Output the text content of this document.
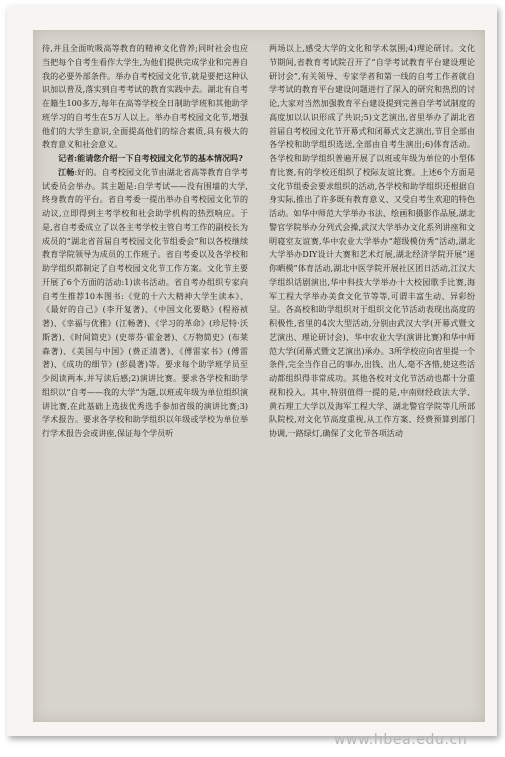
待,并且全面吮吸高等教育的精神文化营养;同时社会也应当把每个自考生看作大学生,为他们提供完成学业和完善自我的必要外部条件。举办自考校园文化节,就是要把这种认识加以普及,落实到自考考试的教育实践中去。湖北有自考在籍生100多万,每年在高等学校全日制助学班和其他助学班学习的自考生在5万人以上。举办自考校园文化节,增强他们的大学生意识,全面提高他们的综合素质,具有极大的教育意义和社会意义。

记者:能请您介绍一下自考校园文化节的基本情况吗?

江畅:好的。自考校园文化节由湖北省高等教育自学考试委员会举办。其主题是:自学考试——没有围墙的大学,终身教育的平台。省自考委一提出举办自考校园文化节的动议,立即得到主考学校和社会助学机构的热烈响应。于是,省自考委成立了以各主考学校主管自考工作的副校长为成员的“湖北省首届自考校园文化节组委会”和以各校继续教育学院领导为成员的工作班子。省自考委以及各学校和助学组织都制定了自考校园文化节工作方案。文化节主要开展了6个方面的活动:1)读书活动。省自考办组织专家向自考生推荐10本图书:《党的十六大精神大学生读本》、《最好的自己》(李开复著)、《中国文化要略》(程裕祯著)、《幸福与优雅》(江畅著)、《学习的革命》(珍尼特·沃斯著)、《时间简史》(史蒂芬·霍金著)、《万物简史》(布莱森著)、《美国与中国》(费正清著)、《傅雷家书》(傅雷著)、《成功的细节》(彭晨著)等。要求每个助学班学员至少阅读两本,并写读后感;2)演讲比赛。要求各学校和助学组织以“自考——我的大学”为题,以班或年级为单位组织演讲比赛,在此基础上选拔优秀选手参加省级的演讲比赛;3)学术报告。要求各学校和助学组织以年级或学校为单位举行学术报告会或讲座,保证每个学员听

两场以上,感受大学的文化和学术氛围;4)理论研讨。文化节期间,省教育考试院召开了“自学考试教育平台建设理论研讨会”,有关领导、专家学者和第一线的自考工作者就自学考试的教育平台建设问题进行了深入的研究和热烈的讨论,大家对当然加强教育平台建设提到完善自学考试制度的高度加以认识形成了共识;5)文艺演出,省里举办了湖北省首届自考校园文化节开幕式和闭幕式文艺演出,节目全部由各学校和助学组织选送,全部由自考生演出;6)体育活动。各学校和助学组织普遍开展了以班或年级为单位的小型体育比赛,有的学校还组织了校际友谊比赛。上述6个方面是文化节组委会要求组织的活动,各学校和助学组织还根据自身实际,推出了许多既有教育意义、又受自考生欢迎的特色活动。如华中师范大学举办书法、绘画和摄影作品展,湖北警官学院举办分列式会操,武汉大学举办文化系列讲座和文明寝室友谊赛,华中农业大学举办“超级模仿秀”活动,湖北大学举办DIY设计大赛和艺术灯展,湖北经济学院开展“迷你晒模”体育活动,湖北中医学院开展社区团日活动,江汉大学组织话剧演出,华中科技大学举办十大校园歌手比赛,海军工程大学举办美食文化节等等,可谓丰富生动、异彩纷呈。各高校和助学组织对于组织文化节活动表现出高度的积极性,省里的4次大型活动,分别由武汉大学(开幕式暨文艺演出、理论研讨会)、华中农业大学(演讲比赛)和华中师范大学(闭幕式暨文艺演出)承办。3所学校应向省里提一个条件,完全当作自己的事办,出钱、出人,毫不吝惜,使这些活动都组织得非常成功。其他各校对文化节活动也都十分重视和投入。其中,特别值得一提的是,中南财经政法大学、黄石理工大学以及海军工程大学、湖北警官学院等几所部队院校,对文化节高度重视,从工作方案、经费预算到部门协调,一路绿灯,确保了文化节各项活动

www.hbea.edu.cn
